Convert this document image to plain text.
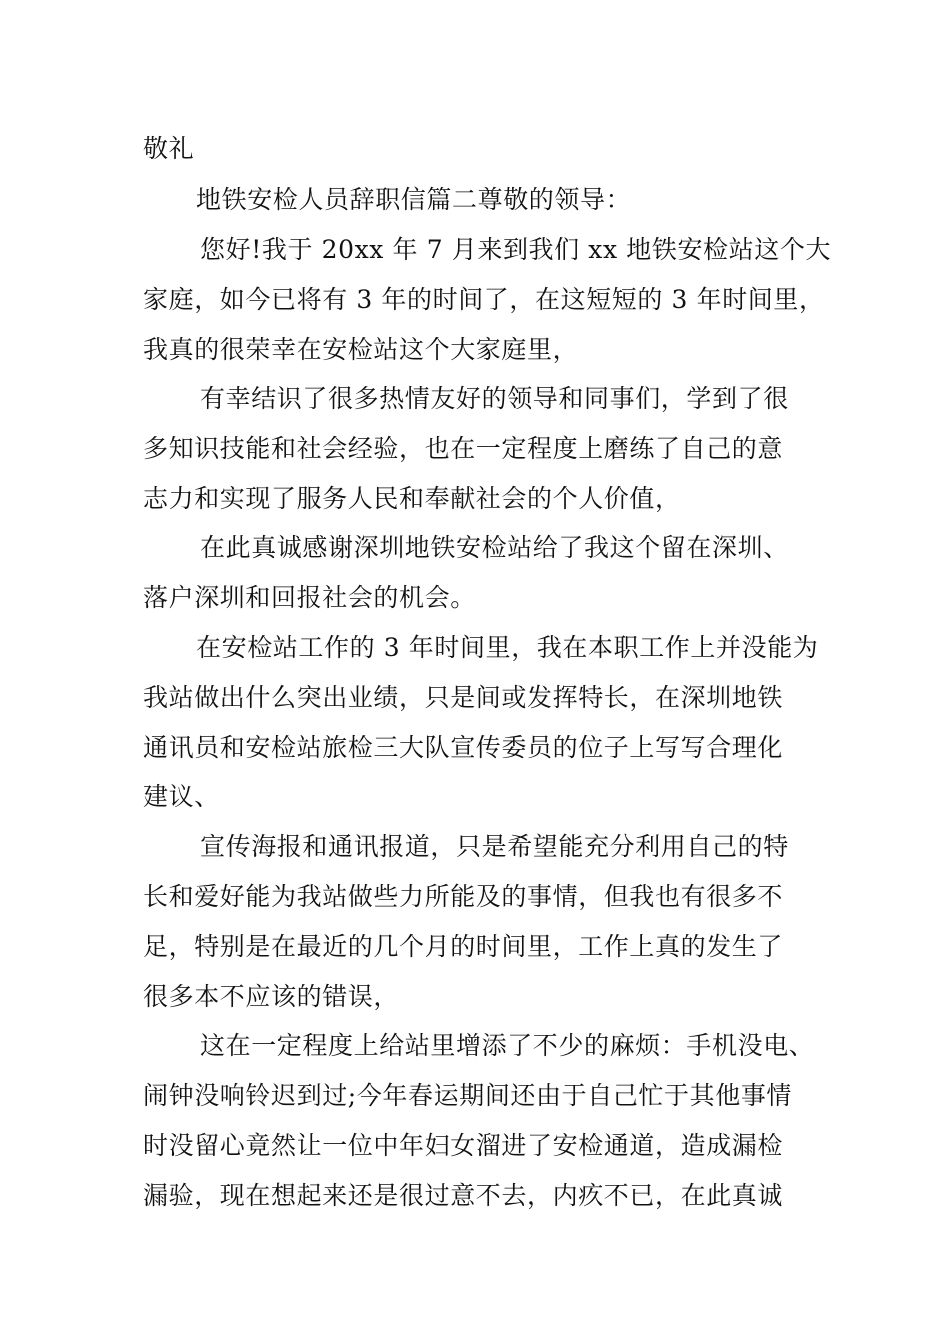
敬礼
地铁安检人员辞职信篇二尊敬的领导：
您好!我于 20xx 年 7 月来到我们 xx 地铁安检站这个大
家庭，如今已将有 3 年的时间了，在这短短的 3 年时间里，
我真的很荣幸在安检站这个大家庭里，
有幸结识了很多热情友好的领导和同事们，学到了很
多知识技能和社会经验，也在一定程度上磨练了自己的意
志力和实现了服务人民和奉献社会的个人价值，
在此真诚感谢深圳地铁安检站给了我这个留在深圳、
落户深圳和回报社会的机会。
在安检站工作的 3 年时间里，我在本职工作上并没能为
我站做出什么突出业绩，只是间或发挥特长，在深圳地铁
通讯员和安检站旅检三大队宣传委员的位子上写写合理化
建议、
宣传海报和通讯报道，只是希望能充分利用自己的特
长和爱好能为我站做些力所能及的事情，但我也有很多不
足，特别是在最近的几个月的时间里，工作上真的发生了
很多本不应该的错误，
这在一定程度上给站里增添了不少的麻烦：手机没电、
闹钟没响铃迟到过;今年春运期间还由于自己忙于其他事情
时没留心竟然让一位中年妇女溜进了安检通道，造成漏检
漏验，现在想起来还是很过意不去，内疚不已，在此真诚
